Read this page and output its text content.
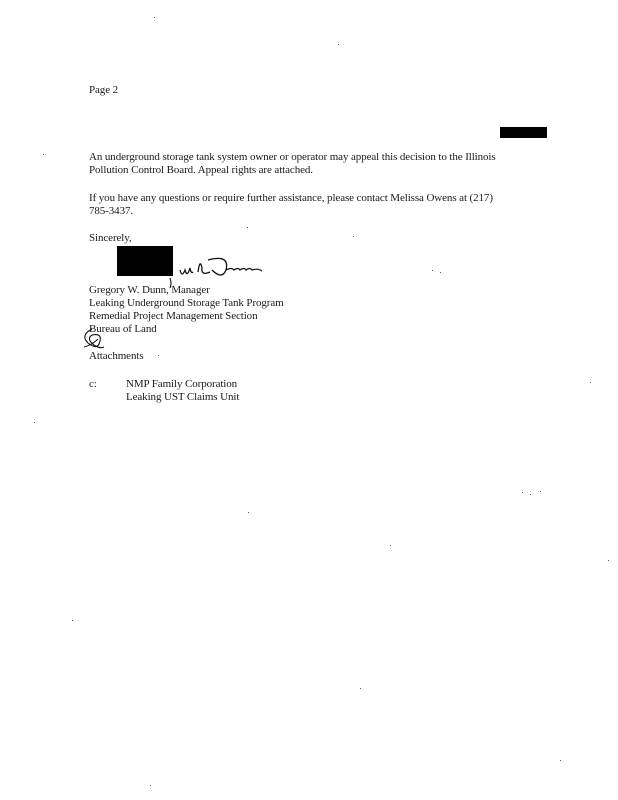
Page 2
An underground storage tank system owner or operator may appeal this decision to the Illinois
Pollution Control Board. Appeal rights are attached.
If you have any questions or require further assistance, please contact Melissa Owens at (217)
785-3437.
Sincerely,
Gregory W. Dunn, Manager
Leaking Underground Storage Tank Program
Remedial Project Management Section
Bureau of Land
Attachments
c:	NMP Family Corporation
Leaking UST Claims Unit
